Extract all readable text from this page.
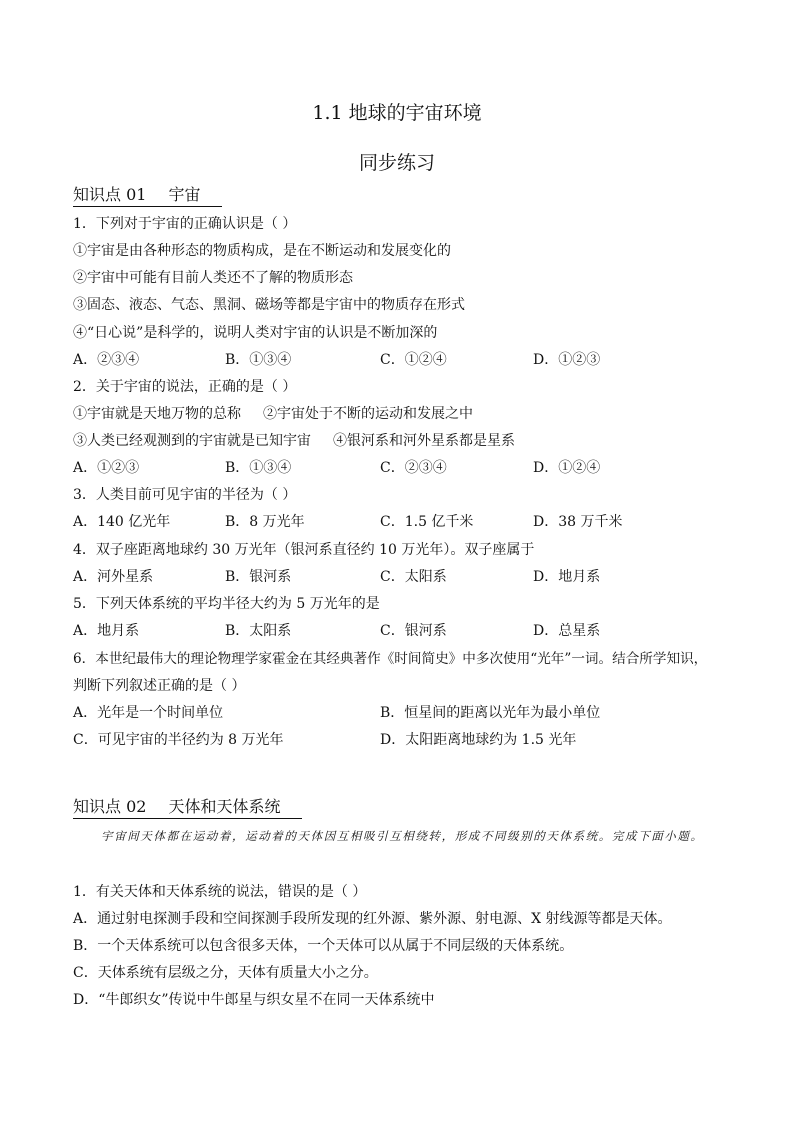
1.1 地球的宇宙环境
同步练习
知识点 01 宇宙
1．下列对于宇宙的正确认识是（ ）
①宇宙是由各种形态的物质构成，是在不断运动和发展变化的
②宇宙中可能有目前人类还不了解的物质形态
③固态、液态、气态、黑洞、磁场等都是宇宙中的物质存在形式
④“日心说”是科学的，说明人类对宇宙的认识是不断加深的
A．②③④	B．①③④	C．①②④	D．①②③
2．关于宇宙的说法，正确的是（ ）
①宇宙就是天地万物的总称 ②宇宙处于不断的运动和发展之中
③人类已经观测到的宇宙就是已知宇宙 ④银河系和河外星系都是星系
A．①②③	B．①③④	C．②③④	D．①②④
3．人类目前可见宇宙的半径为（ ）
A．140 亿光年	B．8 万光年	C．1.5 亿千米	D．38 万千米
4．双子座距离地球约 30 万光年（银河系直径约 10 万光年）。双子座属于
A．河外星系	B．银河系	C．太阳系	D．地月系
5．下列天体系统的平均半径大约为 5 万光年的是
A．地月系	B．太阳系	C．银河系	D．总星系
6．本世纪最伟大的理论物理学家霍金在其经典著作《时间简史》中多次使用“光年”一词。结合所学知识，
判断下列叙述正确的是（ ）
A．光年是一个时间单位	B．恒星间的距离以光年为最小单位
C．可见宇宙的半径约为 8 万光年	D．太阳距离地球约为 1.5 光年
知识点 02 天体和天体系统
宇宙间天体都在运动着，运动着的天体因互相吸引互相绕转，形成不同级别的天体系统。完成下面小题。
1．有关天体和天体系统的说法，错误的是（ ）
A．通过射电探测手段和空间探测手段所发现的红外源、紫外源、射电源、X 射线源等都是天体。
B．一个天体系统可以包含很多天体，一个天体可以从属于不同层级的天体系统。
C．天体系统有层级之分，天体有质量大小之分。
D．“牛郎织女”传说中牛郎星与织女星不在同一天体系统中
